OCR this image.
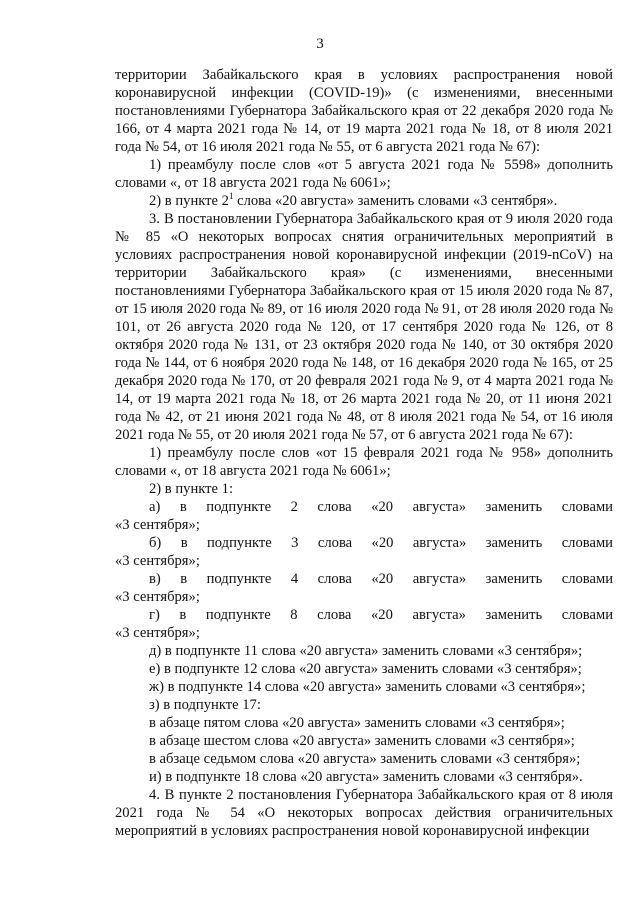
3

территории Забайкальского края в условиях распространения новой коронавирусной инфекции (COVID-19)» (с изменениями, внесенными постановлениями Губернатора Забайкальского края от 22 декабря 2020 года № 166, от 4 марта 2021 года № 14, от 19 марта 2021 года № 18, от 8 июля 2021 года № 54, от 16 июля 2021 года № 55, от 6 августа 2021 года № 67):

1) преамбулу после слов «от 5 августа 2021 года № 5598» дополнить словами «, от 18 августа 2021 года № 6061»;

2) в пункте $2^1$ слова «20 августа» заменить словами «3 сентября».

3. В постановлении Губернатора Забайкальского края от 9 июля 2020 года № 85 «О некоторых вопросах снятия ограничительных мероприятий в условиях распространения новой коронавирусной инфекции (2019-nCoV) на территории Забайкальского края» (с изменениями, внесенными постановлениями Губернатора Забайкальского края от 15 июля 2020 года № 87, от 15 июля 2020 года № 89, от 16 июля 2020 года № 91, от 28 июля 2020 года № 101, от 26 августа 2020 года № 120, от 17 сентября 2020 года № 126, от 8 октября 2020 года № 131, от 23 октября 2020 года № 140, от 30 октября 2020 года № 144, от 6 ноября 2020 года № 148, от 16 декабря 2020 года № 165, от 25 декабря 2020 года № 170, от 20 февраля 2021 года № 9, от 4 марта 2021 года № 14, от 19 марта 2021 года № 18, от 26 марта 2021 года № 20, от 11 июня 2021 года № 42, от 21 июня 2021 года № 48, от 8 июля 2021 года № 54, от 16 июля 2021 года № 55, от 20 июля 2021 года № 57, от 6 августа 2021 года № 67):

1) преамбулу после слов «от 15 февраля 2021 года № 958» дополнить словами «, от 18 августа 2021 года № 6061»;

2) в пункте 1:

а) в подпункте 2 слова «20 августа» заменить словами

«3 сентября»;

б) в подпункте 3 слова «20 августа» заменить словами

«3 сентября»;

в) в подпункте 4 слова «20 августа» заменить словами

«3 сентября»;

г) в подпункте 8 слова «20 августа» заменить словами

«3 сентября»;

д) в подпункте 11 слова «20 августа» заменить словами «3 сентября»;

е) в подпункте 12 слова «20 августа» заменить словами «3 сентября»;

ж) в подпункте 14 слова «20 августа» заменить словами «3 сентября»;

з) в подпункте 17:

в абзаце пятом слова «20 августа» заменить словами «3 сентября»;

в абзаце шестом слова «20 августа» заменить словами «3 сентября»;

в абзаце седьмом слова «20 августа» заменить словами «3 сентября»;

и) в подпункте 18 слова «20 августа» заменить словами «3 сентября».

4. В пункте 2 постановления Губернатора Забайкальского края от 8 июля 2021 года № 54 «О некоторых вопросах действия ограничительных мероприятий в условиях распространения новой коронавирусной инфекции
